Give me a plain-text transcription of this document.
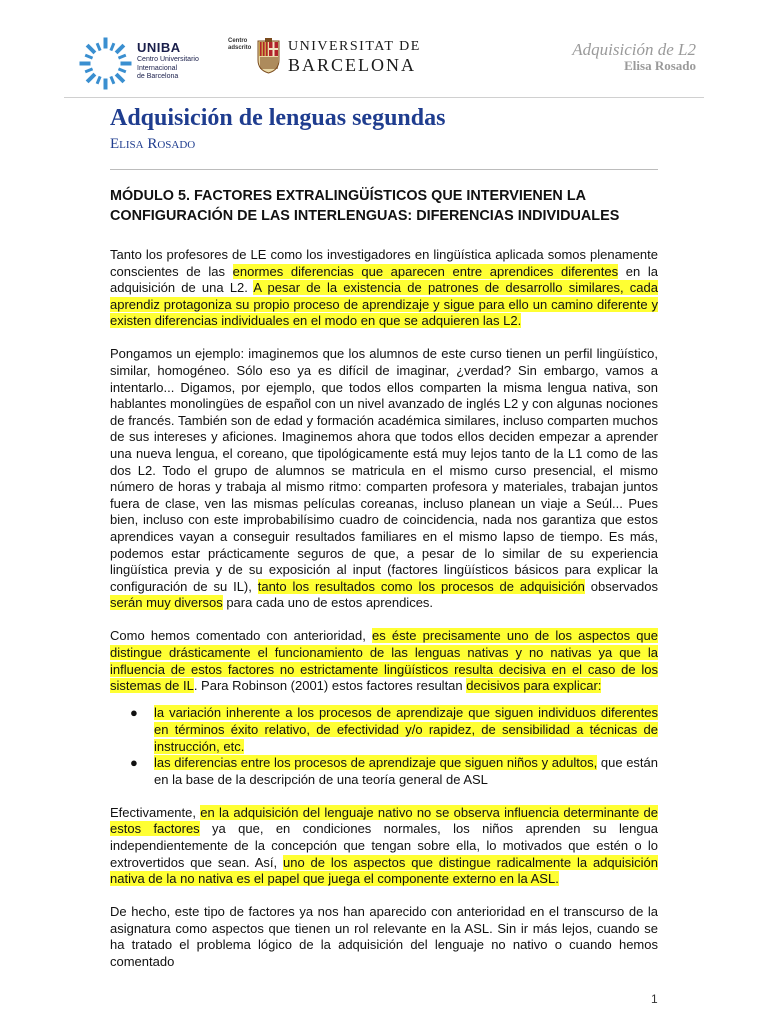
UNIBA
Centro Universitario
Internacional
de Barcelona
Centro
adscrito	UNIVERSITAT DE
BARCELONA
Adquisición de L2
Elisa Rosado
Adquisición de lenguas segundas
Elisa Rosado
MÓDULO 5. FACTORES EXTRALINGÜÍSTICOS QUE INTERVIENEN LA CONFIGURACIÓN DE LAS INTERLENGUAS: DIFERENCIAS INDIVIDUALES

Tanto los profesores de LE como los investigadores en lingüística aplicada somos plenamente conscientes de las enormes diferencias que aparecen entre aprendices diferentes en la adquisición de una L2. A pesar de la existencia de patrones de desarrollo similares, cada aprendiz protagoniza su propio proceso de aprendizaje y sigue para ello un camino diferente y existen diferencias individuales en el modo en que se adquieren las L2.

Pongamos un ejemplo: imaginemos que los alumnos de este curso tienen un perfil lingüístico, similar, homogéneo. Sólo eso ya es difícil de imaginar, ¿verdad? Sin embargo, vamos a intentarlo... Digamos, por ejemplo, que todos ellos comparten la misma lengua nativa, son hablantes monolingües de español con un nivel avanzado de inglés L2 y con algunas nociones de francés. También son de edad y formación académica similares, incluso comparten muchos de sus intereses y aficiones. Imaginemos ahora que todos ellos deciden empezar a aprender una nueva lengua, el coreano, que tipológicamente está muy lejos tanto de la L1 como de las dos L2. Todo el grupo de alumnos se matricula en el mismo curso presencial, el mismo número de horas y trabaja al mismo ritmo: comparten profesora y materiales, trabajan juntos fuera de clase, ven las mismas películas coreanas, incluso planean un viaje a Seúl... Pues bien, incluso con este improbabilísimo cuadro de coincidencia, nada nos garantiza que estos aprendices vayan a conseguir resultados familiares en el mismo lapso de tiempo. Es más, podemos estar prácticamente seguros de que, a pesar de lo similar de su experiencia lingüística previa y de su exposición al input (factores lingüísticos básicos para explicar la configuración de su IL), tanto los resultados como los procesos de adquisición observados serán muy diversos para cada uno de estos aprendices.

Como hemos comentado con anterioridad, es éste precisamente uno de los aspectos que distingue drásticamente el funcionamiento de las lenguas nativas y no nativas ya que la influencia de estos factores no estrictamente lingüísticos resulta decisiva en el caso de los sistemas de IL. Para Robinson (2001) estos factores resultan decisivos para explicar:

● la variación inherente a los procesos de aprendizaje que siguen individuos diferentes en términos éxito relativo, de efectividad y/o rapidez, de sensibilidad a técnicas de instrucción, etc.
● las diferencias entre los procesos de aprendizaje que siguen niños y adultos, que están en la base de la descripción de una teoría general de ASL

Efectivamente, en la adquisición del lenguaje nativo no se observa influencia determinante de estos factores ya que, en condiciones normales, los niños aprenden su lengua independientemente de la concepción que tengan sobre ella, lo motivados que estén o lo extrovertidos que sean. Así, uno de los aspectos que distingue radicalmente la adquisición nativa de la no nativa es el papel que juega el componente externo en la ASL.

De hecho, este tipo de factores ya nos han aparecido con anterioridad en el transcurso de la asignatura como aspectos que tienen un rol relevante en la ASL. Sin ir más lejos, cuando se ha tratado el problema lógico de la adquisición del lenguaje no nativo o cuando hemos comentado

1
